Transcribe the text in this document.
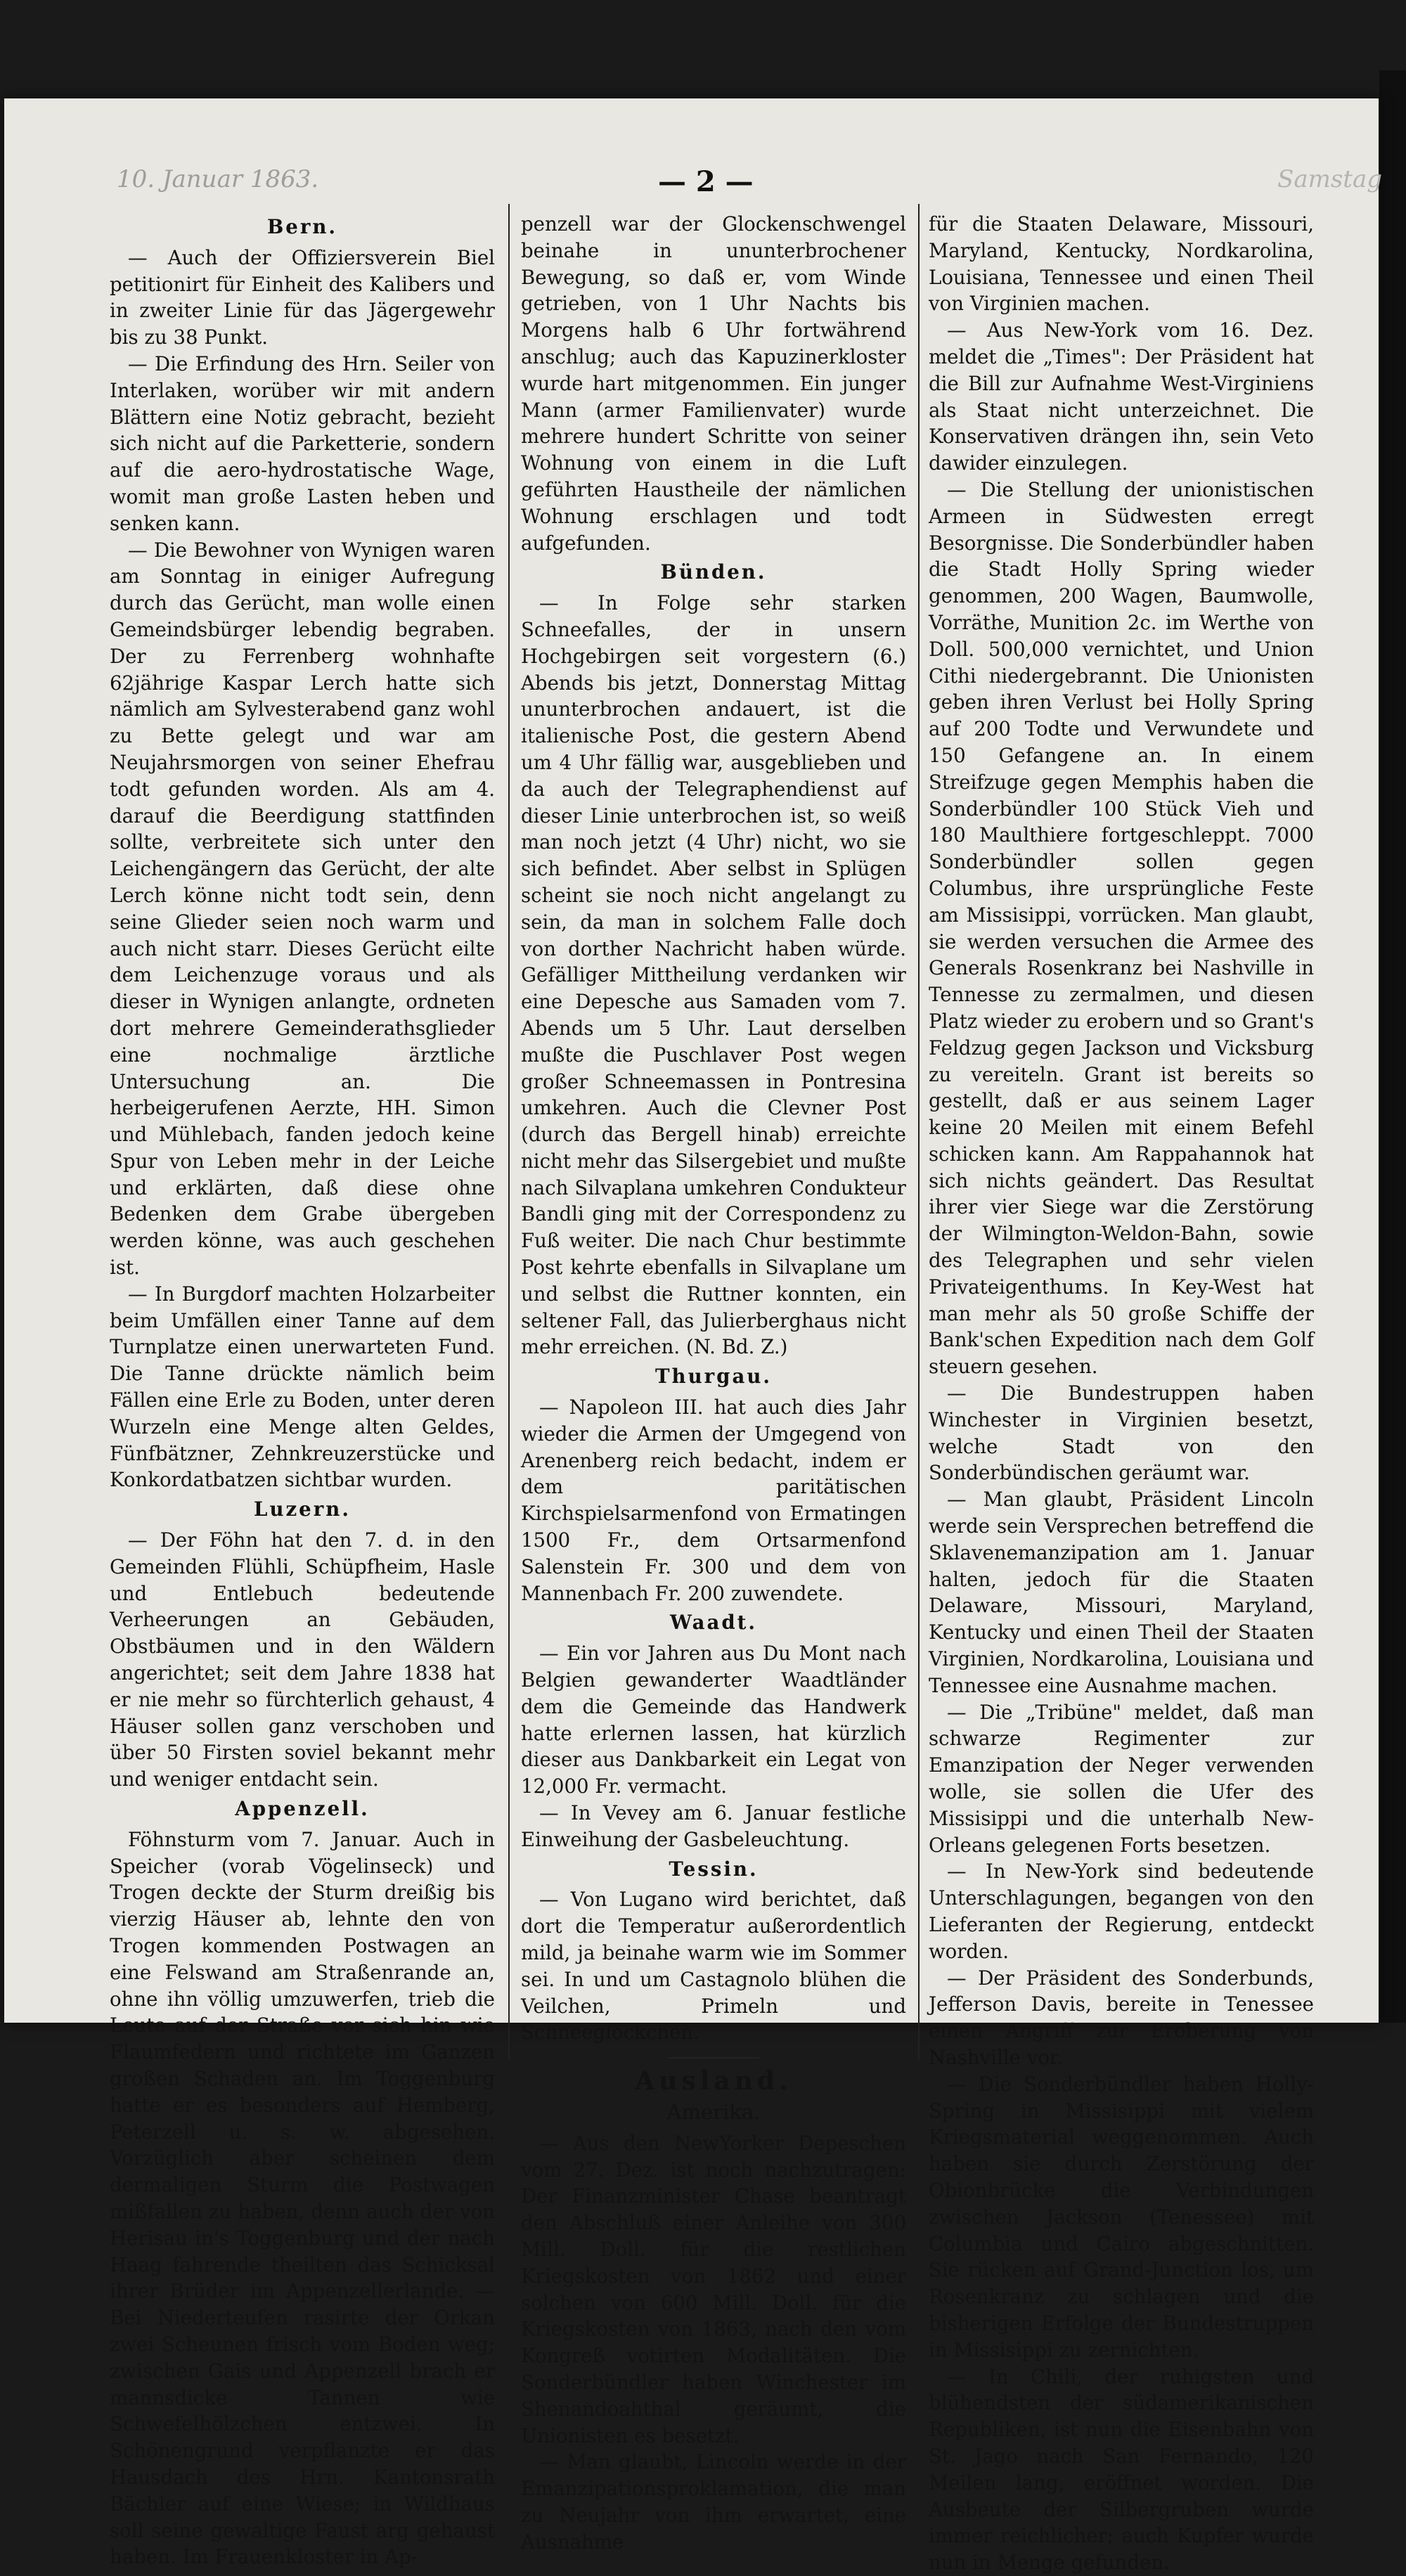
10. Januar 1863.	— 2 —	Samstag
Bern.

— Auch der Offiziersverein Biel petitionirt für Einheit des Kalibers und in zweiter Linie für das Jägergewehr bis zu 38 Punkt.

— Die Erfindung des Hrn. Seiler von Interlaken, worüber wir mit andern Blättern eine Notiz gebracht, bezieht sich nicht auf die Parketterie, sondern auf die aero-hydrostatische Wage, womit man große Lasten heben und senken kann.

— Die Bewohner von Wynigen waren am Sonntag in einiger Aufregung durch das Gerücht, man wolle einen Gemeindsbürger lebendig begraben. Der zu Ferrenberg wohnhafte 62jährige Kaspar Lerch hatte sich nämlich am Sylvesterabend ganz wohl zu Bette gelegt und war am Neujahrsmorgen von seiner Ehefrau todt gefunden worden. Als am 4. darauf die Beerdigung stattfinden sollte, verbreitete sich unter den Leichengängern das Gerücht, der alte Lerch könne nicht todt sein, denn seine Glieder seien noch warm und auch nicht starr. Dieses Gerücht eilte dem Leichenzuge voraus und als dieser in Wynigen anlangte, ordneten dort mehrere Gemeinderathsglieder eine nochmalige ärztliche Untersuchung an. Die herbeigerufenen Aerzte, HH. Simon und Mühlebach, fanden jedoch keine Spur von Leben mehr in der Leiche und erklärten, daß diese ohne Bedenken dem Grabe übergeben werden könne, was auch geschehen ist.

— In Burgdorf machten Holzarbeiter beim Umfällen einer Tanne auf dem Turnplatze einen unerwarteten Fund. Die Tanne drückte nämlich beim Fällen eine Erle zu Boden, unter deren Wurzeln eine Menge alten Geldes, Fünfbätzner, Zehnkreuzerstücke und Konkordatbatzen sichtbar wurden.

Luzern.

— Der Föhn hat den 7. d. in den Gemeinden Flühli, Schüpfheim, Hasle und Entlebuch bedeutende Verheerungen an Gebäuden, Obstbäumen und in den Wäldern angerichtet; seit dem Jahre 1838 hat er nie mehr so fürchterlich gehaust, 4 Häuser sollen ganz verschoben und über 50 Firsten soviel bekannt mehr und weniger entdacht sein.

Appenzell.

Föhnsturm vom 7. Januar. Auch in Speicher (vorab Vögelinseck) und Trogen deckte der Sturm dreißig bis vierzig Häuser ab, lehnte den von Trogen kommenden Postwagen an eine Felswand am Straßenrande an, ohne ihn völlig umzuwerfen, trieb die Leute auf der Straße vor sich hin wie Flaumfedern und richtete im Ganzen großen Schaden an. Im Toggenburg hatte er es besonders auf Hemberg, Peterzell u. s. w. abgesehen. Vorzüglich aber scheinen dem dermaligen Sturm die Postwagen mißfallen zu haben, denn auch der von Herisau in's Toggenburg und der nach Haag fahrende theilten das Schicksal ihrer Brüder im Appenzellerlande. — Bei Niederteufen rasirte der Orkan zwei Scheunen frisch vom Boden weg; zwischen Gais und Appenzell brach er mannsdicke Tannen wie Schwefelhölzchen entzwei. In Schönengrund verpflanzte er das Hausdach des Hrn. Kantonsrath Bächler auf eine Wiese; in Wildhaus soll seine gewaltige Faust arg gehaust haben. Im Frauenkloster in Ap-

penzell war der Glockenschwengel beinahe in ununterbrochener Bewegung, so daß er, vom Winde getrieben, von 1 Uhr Nachts bis Morgens halb 6 Uhr fortwährend anschlug; auch das Kapuzinerkloster wurde hart mitgenommen. Ein junger Mann (armer Familienvater) wurde mehrere hundert Schritte von seiner Wohnung von einem in die Luft geführten Haustheile der nämlichen Wohnung erschlagen und todt aufgefunden.

Bünden.

— In Folge sehr starken Schneefalles, der in unsern Hochgebirgen seit vorgestern (6.) Abends bis jetzt, Donnerstag Mittag ununterbrochen andauert, ist die italienische Post, die gestern Abend um 4 Uhr fällig war, ausgeblieben und da auch der Telegraphendienst auf dieser Linie unterbrochen ist, so weiß man noch jetzt (4 Uhr) nicht, wo sie sich befindet. Aber selbst in Splügen scheint sie noch nicht angelangt zu sein, da man in solchem Falle doch von dorther Nachricht haben würde. Gefälliger Mittheilung verdanken wir eine Depesche aus Samaden vom 7. Abends um 5 Uhr. Laut derselben mußte die Puschlaver Post wegen großer Schneemassen in Pontresina umkehren. Auch die Clevner Post (durch das Bergell hinab) erreichte nicht mehr das Silsergebiet und mußte nach Silvaplana umkehren Condukteur Bandli ging mit der Correspondenz zu Fuß weiter. Die nach Chur bestimmte Post kehrte ebenfalls in Silvaplane um und selbst die Ruttner konnten, ein seltener Fall, das Julierberghaus nicht mehr erreichen. (N. Bd. Z.)

Thurgau.

— Napoleon III. hat auch dies Jahr wieder die Armen der Umgegend von Arenenberg reich bedacht, indem er dem paritätischen Kirchspielsarmenfond von Ermatingen 1500 Fr., dem Ortsarmenfond Salenstein Fr. 300 und dem von Mannenbach Fr. 200 zuwendete.

Waadt.

— Ein vor Jahren aus Du Mont nach Belgien gewanderter Waadtländer dem die Gemeinde das Handwerk hatte erlernen lassen, hat kürzlich dieser aus Dankbarkeit ein Legat von 12,000 Fr. vermacht.

— In Vevey am 6. Januar festliche Einweihung der Gasbeleuchtung.

Tessin.

— Von Lugano wird berichtet, daß dort die Temperatur außerordentlich mild, ja beinahe warm wie im Sommer sei. In und um Castagnolo blühen die Veilchen, Primeln und Schneeglöckchen.

Ausland.
Amerika.

— Aus den NewYorker Depeschen vom 27. Dez. ist noch nachzutragen: Der Finanzminister Chase beantragt den Abschluß einer Anleihe von 300 Mill. Doll. für die restlichen Kriegskosten von 1862 und einer solchen von 600 Mill. Doll. für die Kriegskosten von 1863, nach den vom Kongreß votirten Modalitäten. Die Sonderbündler haben Winchester im Shenandoahthal geräumt, die Unionisten es besetzt.

— Man glaubt, Lincoln werde in der Emanzipationsproklamation, die man zu Neujahr von ihm erwartet, eine Ausnahme

für die Staaten Delaware, Missouri, Maryland, Kentucky, Nordkarolina, Louisiana, Tennessee und einen Theil von Virginien machen.

— Aus New-York vom 16. Dez. meldet die „Times": Der Präsident hat die Bill zur Aufnahme West-Virginiens als Staat nicht unterzeichnet. Die Konservativen drängen ihn, sein Veto dawider einzulegen.

— Die Stellung der unionistischen Armeen in Südwesten erregt Besorgnisse. Die Sonderbündler haben die Stadt Holly Spring wieder genommen, 200 Wagen, Baumwolle, Vorräthe, Munition 2c. im Werthe von Doll. 500,000 vernichtet, und Union Cithi niedergebrannt. Die Unionisten geben ihren Verlust bei Holly Spring auf 200 Todte und Verwundete und 150 Gefangene an. In einem Streifzuge gegen Memphis haben die Sonderbündler 100 Stück Vieh und 180 Maulthiere fortgeschleppt. 7000 Sonderbündler sollen gegen Columbus, ihre ursprüngliche Feste am Missisippi, vorrücken. Man glaubt, sie werden versuchen die Armee des Generals Rosenkranz bei Nashville in Tennesse zu zermalmen, und diesen Platz wieder zu erobern und so Grant's Feldzug gegen Jackson und Vicksburg zu vereiteln. Grant ist bereits so gestellt, daß er aus seinem Lager keine 20 Meilen mit einem Befehl schicken kann. Am Rappahannok hat sich nichts geändert. Das Resultat ihrer vier Siege war die Zerstörung der Wilmington-Weldon-Bahn, sowie des Telegraphen und sehr vielen Privateigenthums. In Key-West hat man mehr als 50 große Schiffe der Bank'schen Expedition nach dem Golf steuern gesehen.

— Die Bundestruppen haben Winchester in Virginien besetzt, welche Stadt von den Sonderbündischen geräumt war.

— Man glaubt, Präsident Lincoln werde sein Versprechen betreffend die Sklavenemanzipation am 1. Januar halten, jedoch für die Staaten Delaware, Missouri, Maryland, Kentucky und einen Theil der Staaten Virginien, Nordkarolina, Louisiana und Tennessee eine Ausnahme machen.

— Die „Tribüne" meldet, daß man schwarze Regimenter zur Emanzipation der Neger verwenden wolle, sie sollen die Ufer des Missisippi und die unterhalb New-Orleans gelegenen Forts besetzen.

— In New-York sind bedeutende Unterschlagungen, begangen von den Lieferanten der Regierung, entdeckt worden.

— Der Präsident des Sonderbunds, Jefferson Davis, bereite in Tenessee einen Angriff zur Eroberung von Nashville vor.

— Die Sonderbündler haben Holly-Spring in Missisippi mit vielem Kriegsmaterial weggenommen. Auch haben sie durch Zerstörung der Obionbrücke die Verbindungen zwischen Jackson (Tenessee) mit Columbia und Cairo abgeschnitten. Sie rücken auf Grand-Junction los, um Rosenkranz zu schlagen und die bisherigen Erfolge der Bundestruppen in Missisippi zu zernichten.

— In Chili, der ruhigsten und blühendsten der südamerikanischen Republiken, ist nun die Eisenbahn von St. Jago nach San Fernando, 120 Meilen lang, eröffnet worden. Die Ausbeute der Silbergruben wurde immer reichlicher; auch Kupfer wurde nun in Menge gefunden.
